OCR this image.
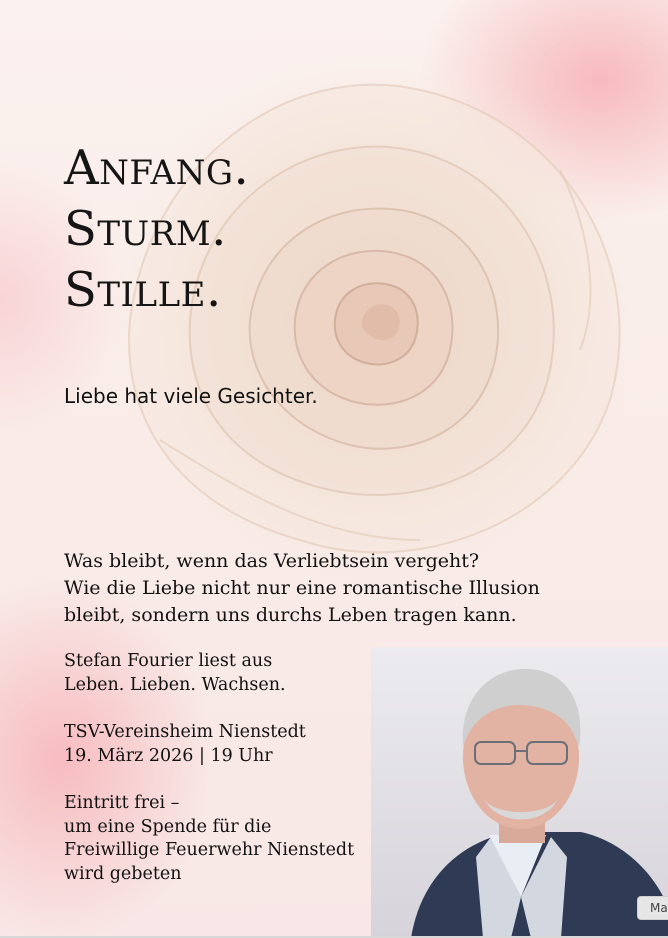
Anfang.
Sturm.
Stille.
Liebe hat viele Gesichter.
Was bleibt, wenn das Verliebtsein vergeht?
Wie die Liebe nicht nur eine romantische Illusion
bleibt, sondern uns durchs Leben tragen kann.
Stefan Fourier liest aus
Leben. Lieben. Wachsen.
TSV-Vereinsheim Nienstedt
19. März 2026 | 19 Uhr
Eintritt frei –
um eine Spende für die
Freiwillige Feuerwehr Nienstedt
wird gebeten
Ma
